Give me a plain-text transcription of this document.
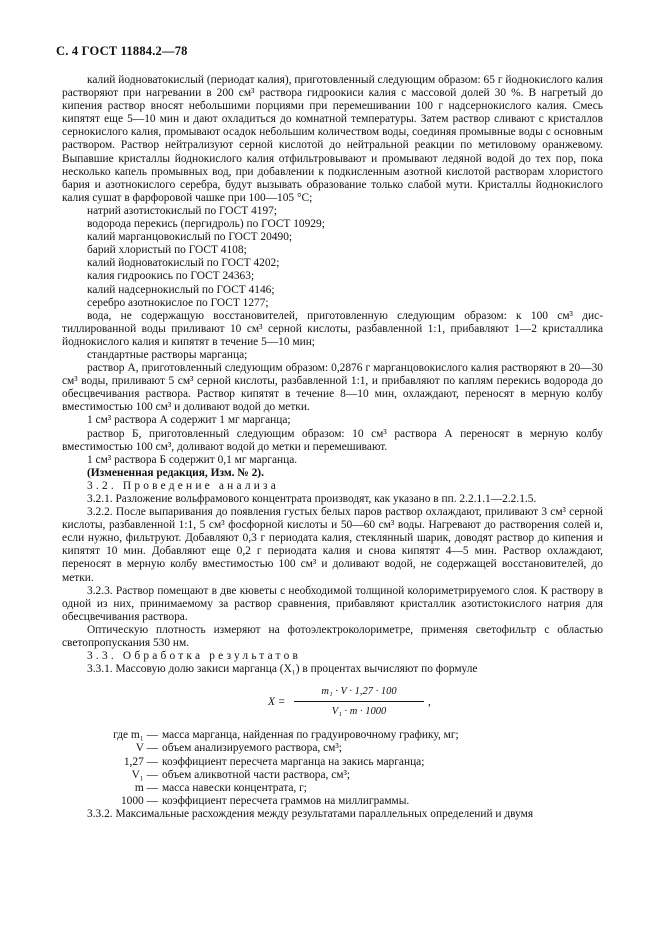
С. 4 ГОСТ 11884.2—78

калий йодноватокислый (периодат калия), приготовленный следующим образом: 65 г йоднокислого калия растворяют при нагревании в 200 см³ раствора гидроокиси калия с массовой долей 30 %. В нагретый до кипения раствор вносят небольшими порциями при перемешивании 100 г надсернокислого калия. Смесь кипятят еще 5—10 мин и дают охладиться до комнатной температуры. Затем раствор сливают с кристаллов сернокислого калия, промывают осадок небольшим количеством воды, соединяя промывные воды с основным раствором. Раствор нейтрализуют серной кислотой до нейтральной реакции по метиловому оранжевому. Выпавшие кристаллы йоднокислого калия отфильтровывают и промывают ледяной водой до тех пор, пока несколько капель промывных вод, при добавлении к подкисленным азотной кислотой растворам хлористого бария и азотнокислого серебра, будут вызывать образование только слабой мути. Кристаллы йоднокислого калия сушат в фарфоровой чашке при 100—105 °С;

натрий азотистокислый по ГОСТ 4197;

водорода перекись (пергидроль) по ГОСТ 10929;

калий марганцовокислый по ГОСТ 20490;

барий хлористый по ГОСТ 4108;

калий йодноватокислый по ГОСТ 4202;

калия гидроокись по ГОСТ 24363;

калий надсернокислый по ГОСТ 4146;

серебро азотнокислое по ГОСТ 1277;

вода, не содержащую восстановителей, приготовленную следующим образом: к 100 см³ дистиллированной воды приливают 10 см³ серной кислоты, разбавленной 1:1, прибавляют 1—2 кристаллика йоднокислого калия и кипятят в течение 5—10 мин;

стандартные растворы марганца;

раствор А, приготовленный следующим образом: 0,2876 г марганцовокислого калия растворяют в 20—30 см³ воды, приливают 5 см³ серной кислоты, разбавленной 1:1, и прибавляют по каплям перекись водорода до обесцвечивания раствора. Раствор кипятят в течение 8—10 мин, охлаждают, переносят в мерную колбу вместимостью 100 см³ и доливают водой до метки.

1 см³ раствора А содержит 1 мг марганца;

раствор Б, приготовленный следующим образом: 10 см³ раствора А переносят в мерную колбу вместимостью 100 см³, доливают водой до метки и перемешивают.

1 см³ раствора Б содержит 0,1 мг марганца.

(Измененная редакция, Изм. № 2).

3.2. Проведение анализа

3.2.1. Разложение вольфрамового концентрата производят, как указано в пп. 2.2.1.1—2.2.1.5.

3.2.2. После выпаривания до появления густых белых паров раствор охлаждают, приливают 3 см³ серной кислоты, разбавленной 1:1, 5 см³ фосфорной кислоты и 50—60 см³ воды. Нагревают до растворения солей и, если нужно, фильтруют. Добавляют 0,3 г периодата калия, стеклянный шарик, доводят раствор до кипения и кипятят 10 мин. Добавляют еще 0,2 г периодата калия и снова кипятят 4—5 мин. Раствор охлаждают, переносят в мерную колбу вместимостью 100 см³ и доливают водой, не содержащей восстановителей, до метки.

3.2.3. Раствор помещают в две кюветы с необходимой толщиной колориметрируемого слоя. К раствору в одной из них, принимаемому за раствор сравнения, прибавляют кристаллик азотистокислого натрия для обесцвечивания раствора.

Оптическую плотность измеряют на фотоэлектроколориметре, применяя светофильтр с областью светопропускания 530 нм.

3.3. Обработка результатов

3.3.1. Массовую долю закиси марганца (X₁) в процентах вычисляют по формуле

X =
m₁ · V · 1,27 · 100
V₁ · m · 1000
,
где m₁ — масса марганца, найденная по градуировочному графику, мг;
V — объем анализируемого раствора, см³;
1,27 — коэффициент пересчета марганца на закись марганца;
V₁ — объем аликвотной части раствора, см³;
m — масса навески концентрата, г;
1000 — коэффициент пересчета граммов на миллиграммы.

3.3.2. Максимальные расхождения между результатами параллельных определений и двумя
